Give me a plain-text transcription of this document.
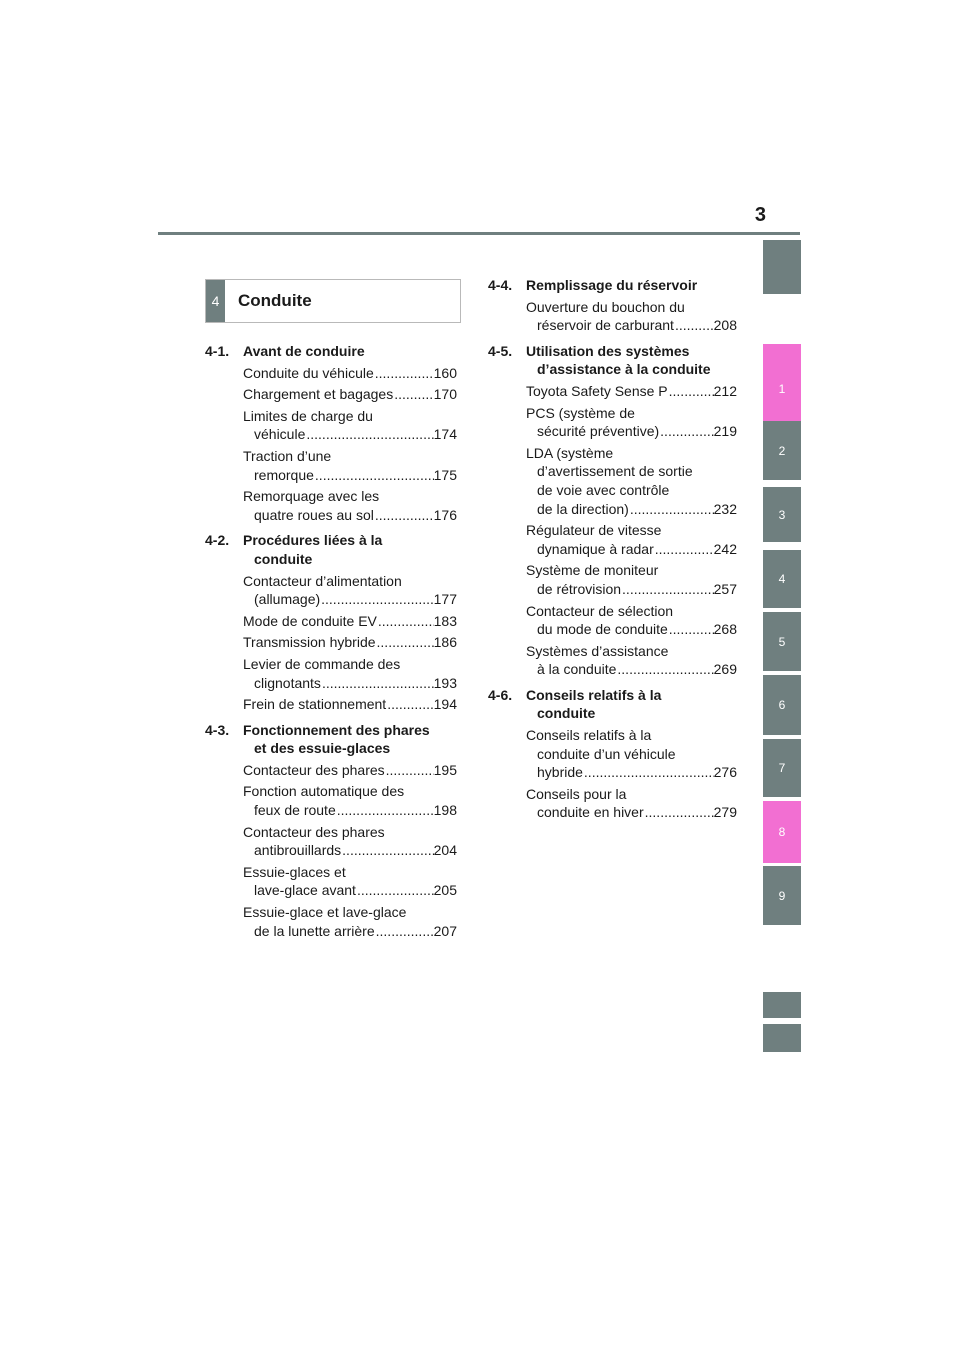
3
1
2
3
4
5
6
7
8
9
4	Conduite
4-1. Avant de conduire
Conduite du véhicule .....	160
Chargement et bagages .....	170
Limites de charge du
véhicule .....	174
Traction d’une
remorque .....	175
Remorquage avec les
quatre roues au sol .....	176
4-2. Procédures liées à la
conduite
Contacteur d’alimentation
(allumage) .....	177
Mode de conduite EV .....	183
Transmission hybride .....	186
Levier de commande des
clignotants .....	193
Frein de stationnement .....	194
4-3. Fonctionnement des phares
et des essuie-glaces
Contacteur des phares .....	195
Fonction automatique des
feux de route .....	198
Contacteur des phares
antibrouillards .....	204
Essuie-glaces et
lave-glace avant .....	205
Essuie-glace et lave-glace
de la lunette arrière .....	207
4-4. Remplissage du réservoir
Ouverture du bouchon du
réservoir de carburant .....	208
4-5. Utilisation des systèmes
d’assistance à la conduite
Toyota Safety Sense P .....	212
PCS (système de
sécurité préventive) .....	219
LDA (système
d’avertissement de sortie
de voie avec contrôle
de la direction) .....	232
Régulateur de vitesse
dynamique à radar .....	242
Système de moniteur
de rétrovision .....	257
Contacteur de sélection
du mode de conduite .....	268
Systèmes d’assistance
à la conduite .....	269
4-6. Conseils relatifs à la
conduite
Conseils relatifs à la
conduite d’un véhicule
hybride .....	276
Conseils pour la
conduite en hiver .....	279
